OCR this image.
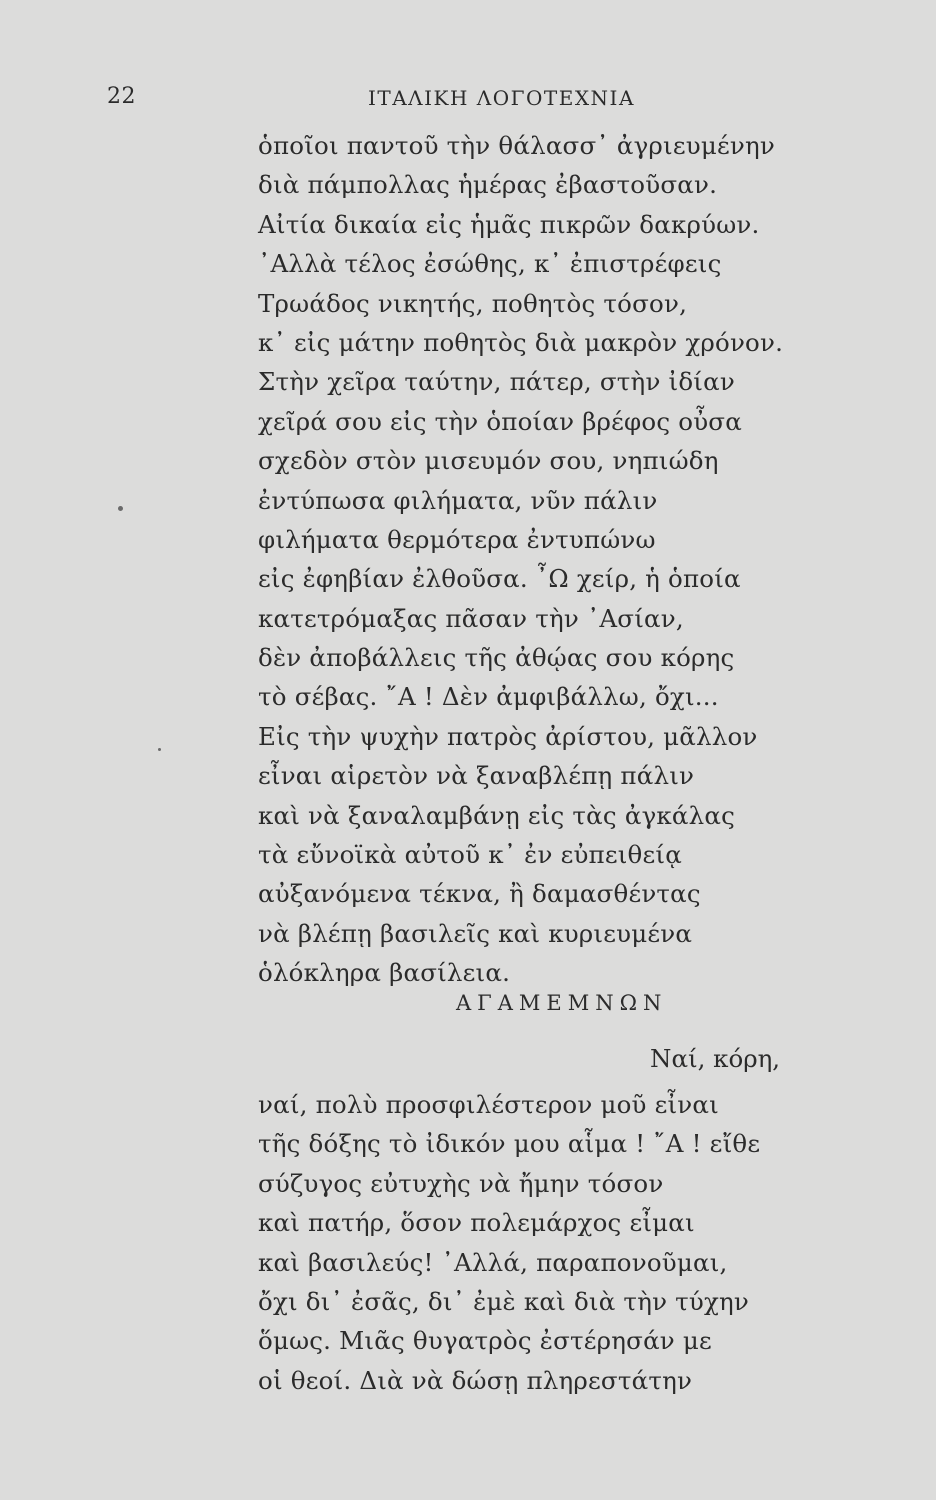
22	ΙΤΑΛΙΚΗ ΛΟΓΟΤΕΧΝΙΑ
ὁποῖοι παντοῦ τὴν θάλασσ᾽ ἀγριευμένην
διὰ πάμπολλας ἡμέρας ἐβαστοῦσαν.
Αἰτία δικαία εἰς ἡμᾶς πικρῶν δακρύων.
᾽Αλλὰ τέλος ἐσώθης, κ᾽ ἐπιστρέφεις
Τρωάδος νικητής, ποθητὸς τόσον,
κ᾽ εἰς μάτην ποθητὸς διὰ μακρὸν χρόνον.
Στὴν χεῖρα ταύτην, πάτερ, στὴν ἰδίαν
χεῖρά σου εἰς τὴν ὁποίαν βρέφος οὖσα
σχεδὸν στὸν μισευμόν σου, νηπιώδη
ἐντύπωσα φιλήματα, νῦν πάλιν
φιλήματα θερμότερα ἐντυπώνω
εἰς ἐφηβίαν ἐλθοῦσα. ῏Ω χείρ, ἡ ὁποία
κατετρόμαξας πᾶσαν τὴν ᾽Ασίαν,
δὲν ἀποβάλλεις τῆς ἀθῴας σου κόρης
τὸ σέβας. ῎Α ! Δὲν ἀμφιβάλλω, ὄχι...
Εἰς τὴν ψυχὴν πατρὸς ἀρίστου, μᾶλλον
εἶναι αἱρετὸν νὰ ξαναβλέπῃ πάλιν
καὶ νὰ ξαναλαμβάνῃ εἰς τὰς ἀγκάλας
τὰ εὔνοϊκὰ αὐτοῦ κ᾽ ἐν εὐπειθείᾳ
αὐξανόμενα τέκνα, ἢ δαμασθέντας
νὰ βλέπῃ βασιλεῖς καὶ κυριευμένα
ὁλόκληρα βασίλεια.
ΑΓΑΜΕΜΝΩΝ
Ναί, κόρη,
ναί, πολὺ προσφιλέστερον μοῦ εἶναι
τῆς δόξης τὸ ἰδικόν μου αἷμα ! ῎Α ! εἴθε
σύζυγος εὐτυχὴς νὰ ἤμην τόσον
καὶ πατήρ, ὅσον πολεμάρχος εἶμαι
καὶ βασιλεύς! ᾽Αλλά, παραπονοῦμαι,
ὄχι δι᾽ ἐσᾶς, δι᾽ ἐμὲ καὶ διὰ τὴν τύχην
ὅμως. Μιᾶς θυγατρὸς ἐστέρησάν με
οἱ θεοί. Διὰ νὰ δώσῃ πληρεστάτην
